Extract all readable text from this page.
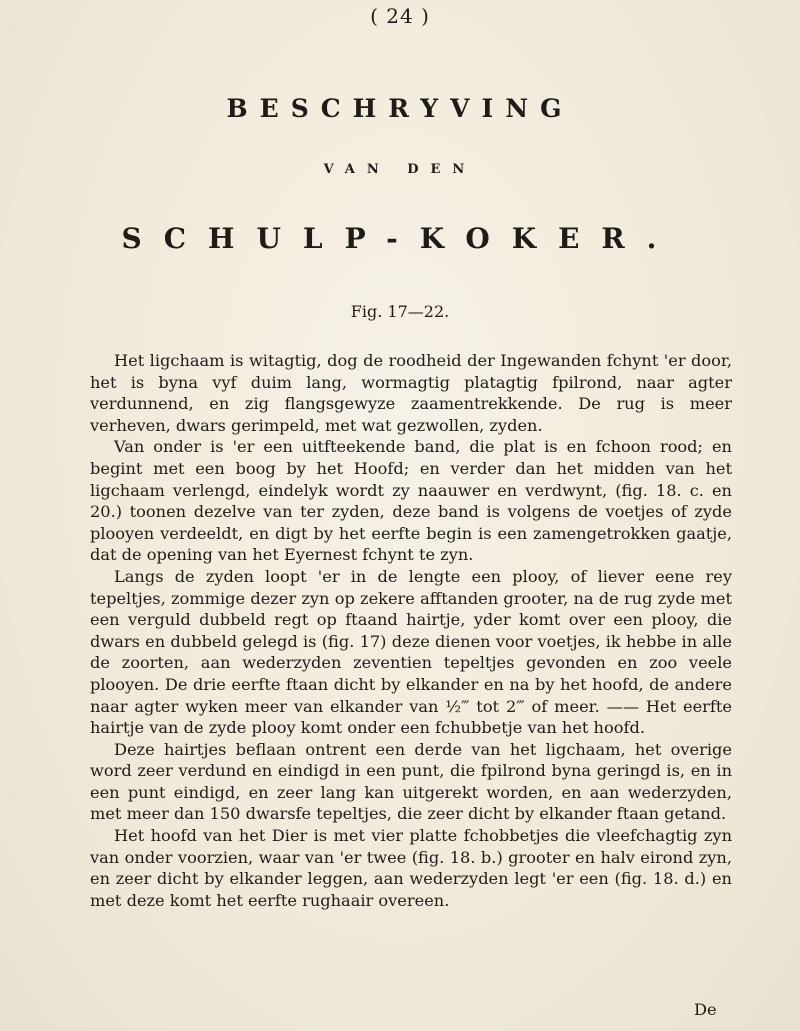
( 24 )
BESCHRYVING
VAN DEN
SCHULP-KOKER.
Fig. 17—22.

Het ligchaam is witagtig, dog de roodheid der Ingewanden fchynt 'er door, het is byna vyf duim lang, wormagtig platagtig fpilrond, naar agter verdunnend, en zig flangsgewyze zaamentrekkende. De rug is meer verheven, dwars gerimpeld, met wat gezwollen, zyden.

Van onder is 'er een uitfteekende band, die plat is en fchoon rood; en begint met een boog by het Hoofd; en verder dan het midden van het ligchaam verlengd, eindelyk wordt zy naauwer en verdwynt, (fig. 18. c. en 20.) toonen dezelve van ter zyden, deze band is volgens de voetjes of zyde plooyen verdeeldt, en digt by het eerfte begin is een zamengetrokken gaatje, dat de opening van het Eyernest fchynt te zyn.

Langs de zyden loopt 'er in de lengte een plooy, of liever eene rey tepeltjes, zommige dezer zyn op zekere afftanden grooter, na de rug zyde met een verguld dubbeld regt op ftaand hairtje, yder komt over een plooy, die dwars en dubbeld gelegd is (fig. 17) deze dienen voor voetjes, ik hebbe in alle de zoorten, aan wederzyden zeventien tepeltjes gevonden en zoo veele plooyen. De drie eerfte ftaan dicht by elkander en na by het hoofd, de andere naar agter wyken meer van elkander van ½‴ tot 2‴ of meer. —— Het eerfte hairtje van de zyde plooy komt onder een fchubbetje van het hoofd.

Deze hairtjes beflaan ontrent een derde van het ligchaam, het overige word zeer verdund en eindigd in een punt, die fpilrond byna geringd is, en in een punt eindigd, en zeer lang kan uitgerekt worden, en aan wederzyden, met meer dan 150 dwarsfe tepeltjes, die zeer dicht by elkander ftaan getand.

Het hoofd van het Dier is met vier platte fchobbetjes die vleefchagtig zyn van onder voorzien, waar van 'er twee (fig. 18. b.) grooter en halv eirond zyn, en zeer dicht by elkander leggen, aan wederzyden legt 'er een (fig. 18. d.) en met deze komt het eerfte rughaair overeen.

De
